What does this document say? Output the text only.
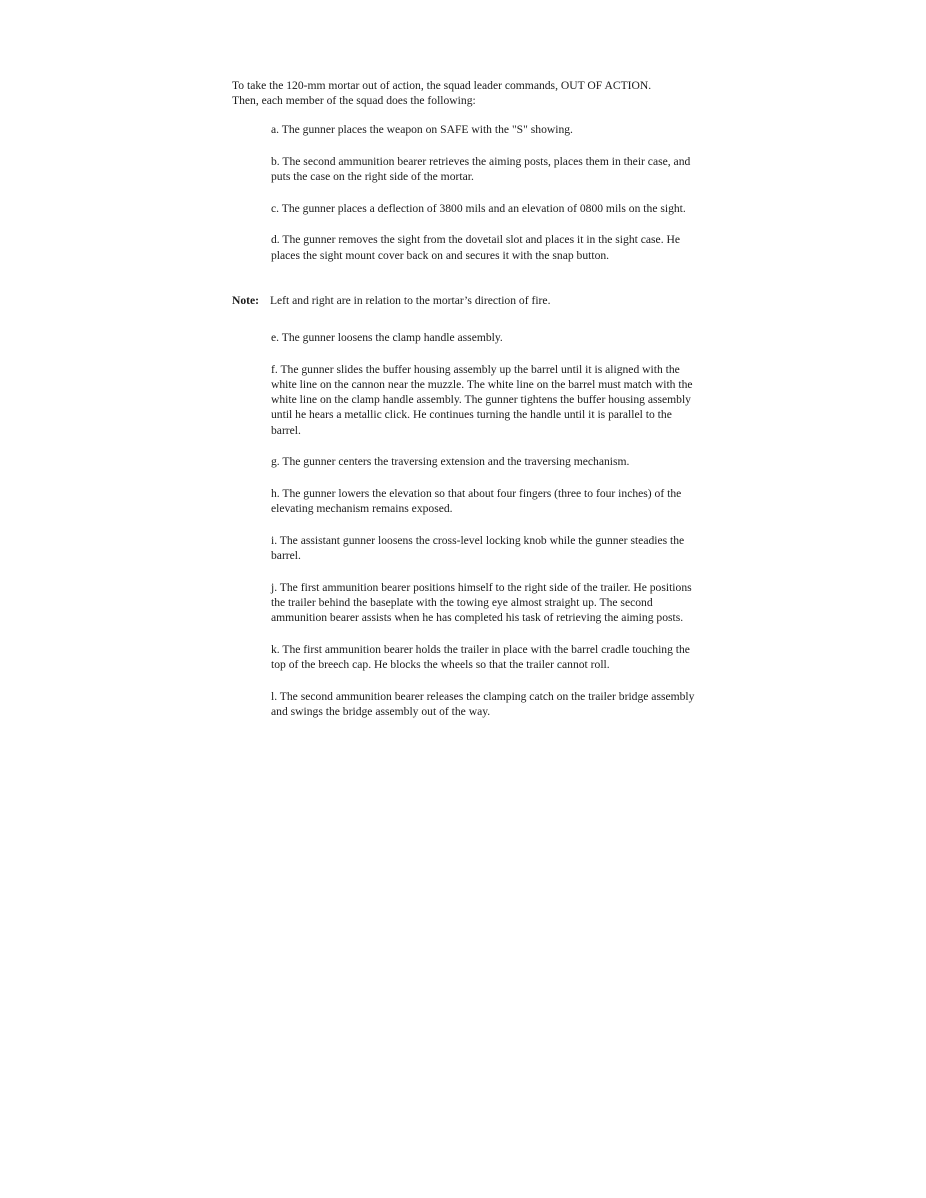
To take the 120-mm mortar out of action, the squad leader commands, OUT OF ACTION. Then, each member of the squad does the following:

a. The gunner places the weapon on SAFE with the "S" showing.

b. The second ammunition bearer retrieves the aiming posts, places them in their case, and puts the case on the right side of the mortar.

c. The gunner places a deflection of 3800 mils and an elevation of 0800 mils on the sight.

d. The gunner removes the sight from the dovetail slot and places it in the sight case. He places the sight mount cover back on and secures it with the snap button.

Note: Left and right are in relation to the mortar’s direction of fire.

e. The gunner loosens the clamp handle assembly.

f. The gunner slides the buffer housing assembly up the barrel until it is aligned with the white line on the cannon near the muzzle. The white line on the barrel must match with the white line on the clamp handle assembly. The gunner tightens the buffer housing assembly until he hears a metallic click. He continues turning the handle until it is parallel to the barrel.

g. The gunner centers the traversing extension and the traversing mechanism.

h. The gunner lowers the elevation so that about four fingers (three to four inches) of the elevating mechanism remains exposed.

i. The assistant gunner loosens the cross-level locking knob while the gunner steadies the barrel.

j. The first ammunition bearer positions himself to the right side of the trailer. He positions the trailer behind the baseplate with the towing eye almost straight up. The second ammunition bearer assists when he has completed his task of retrieving the aiming posts.

k. The first ammunition bearer holds the trailer in place with the barrel cradle touching the top of the breech cap. He blocks the wheels so that the trailer cannot roll.

l. The second ammunition bearer releases the clamping catch on the trailer bridge assembly and swings the bridge assembly out of the way.
